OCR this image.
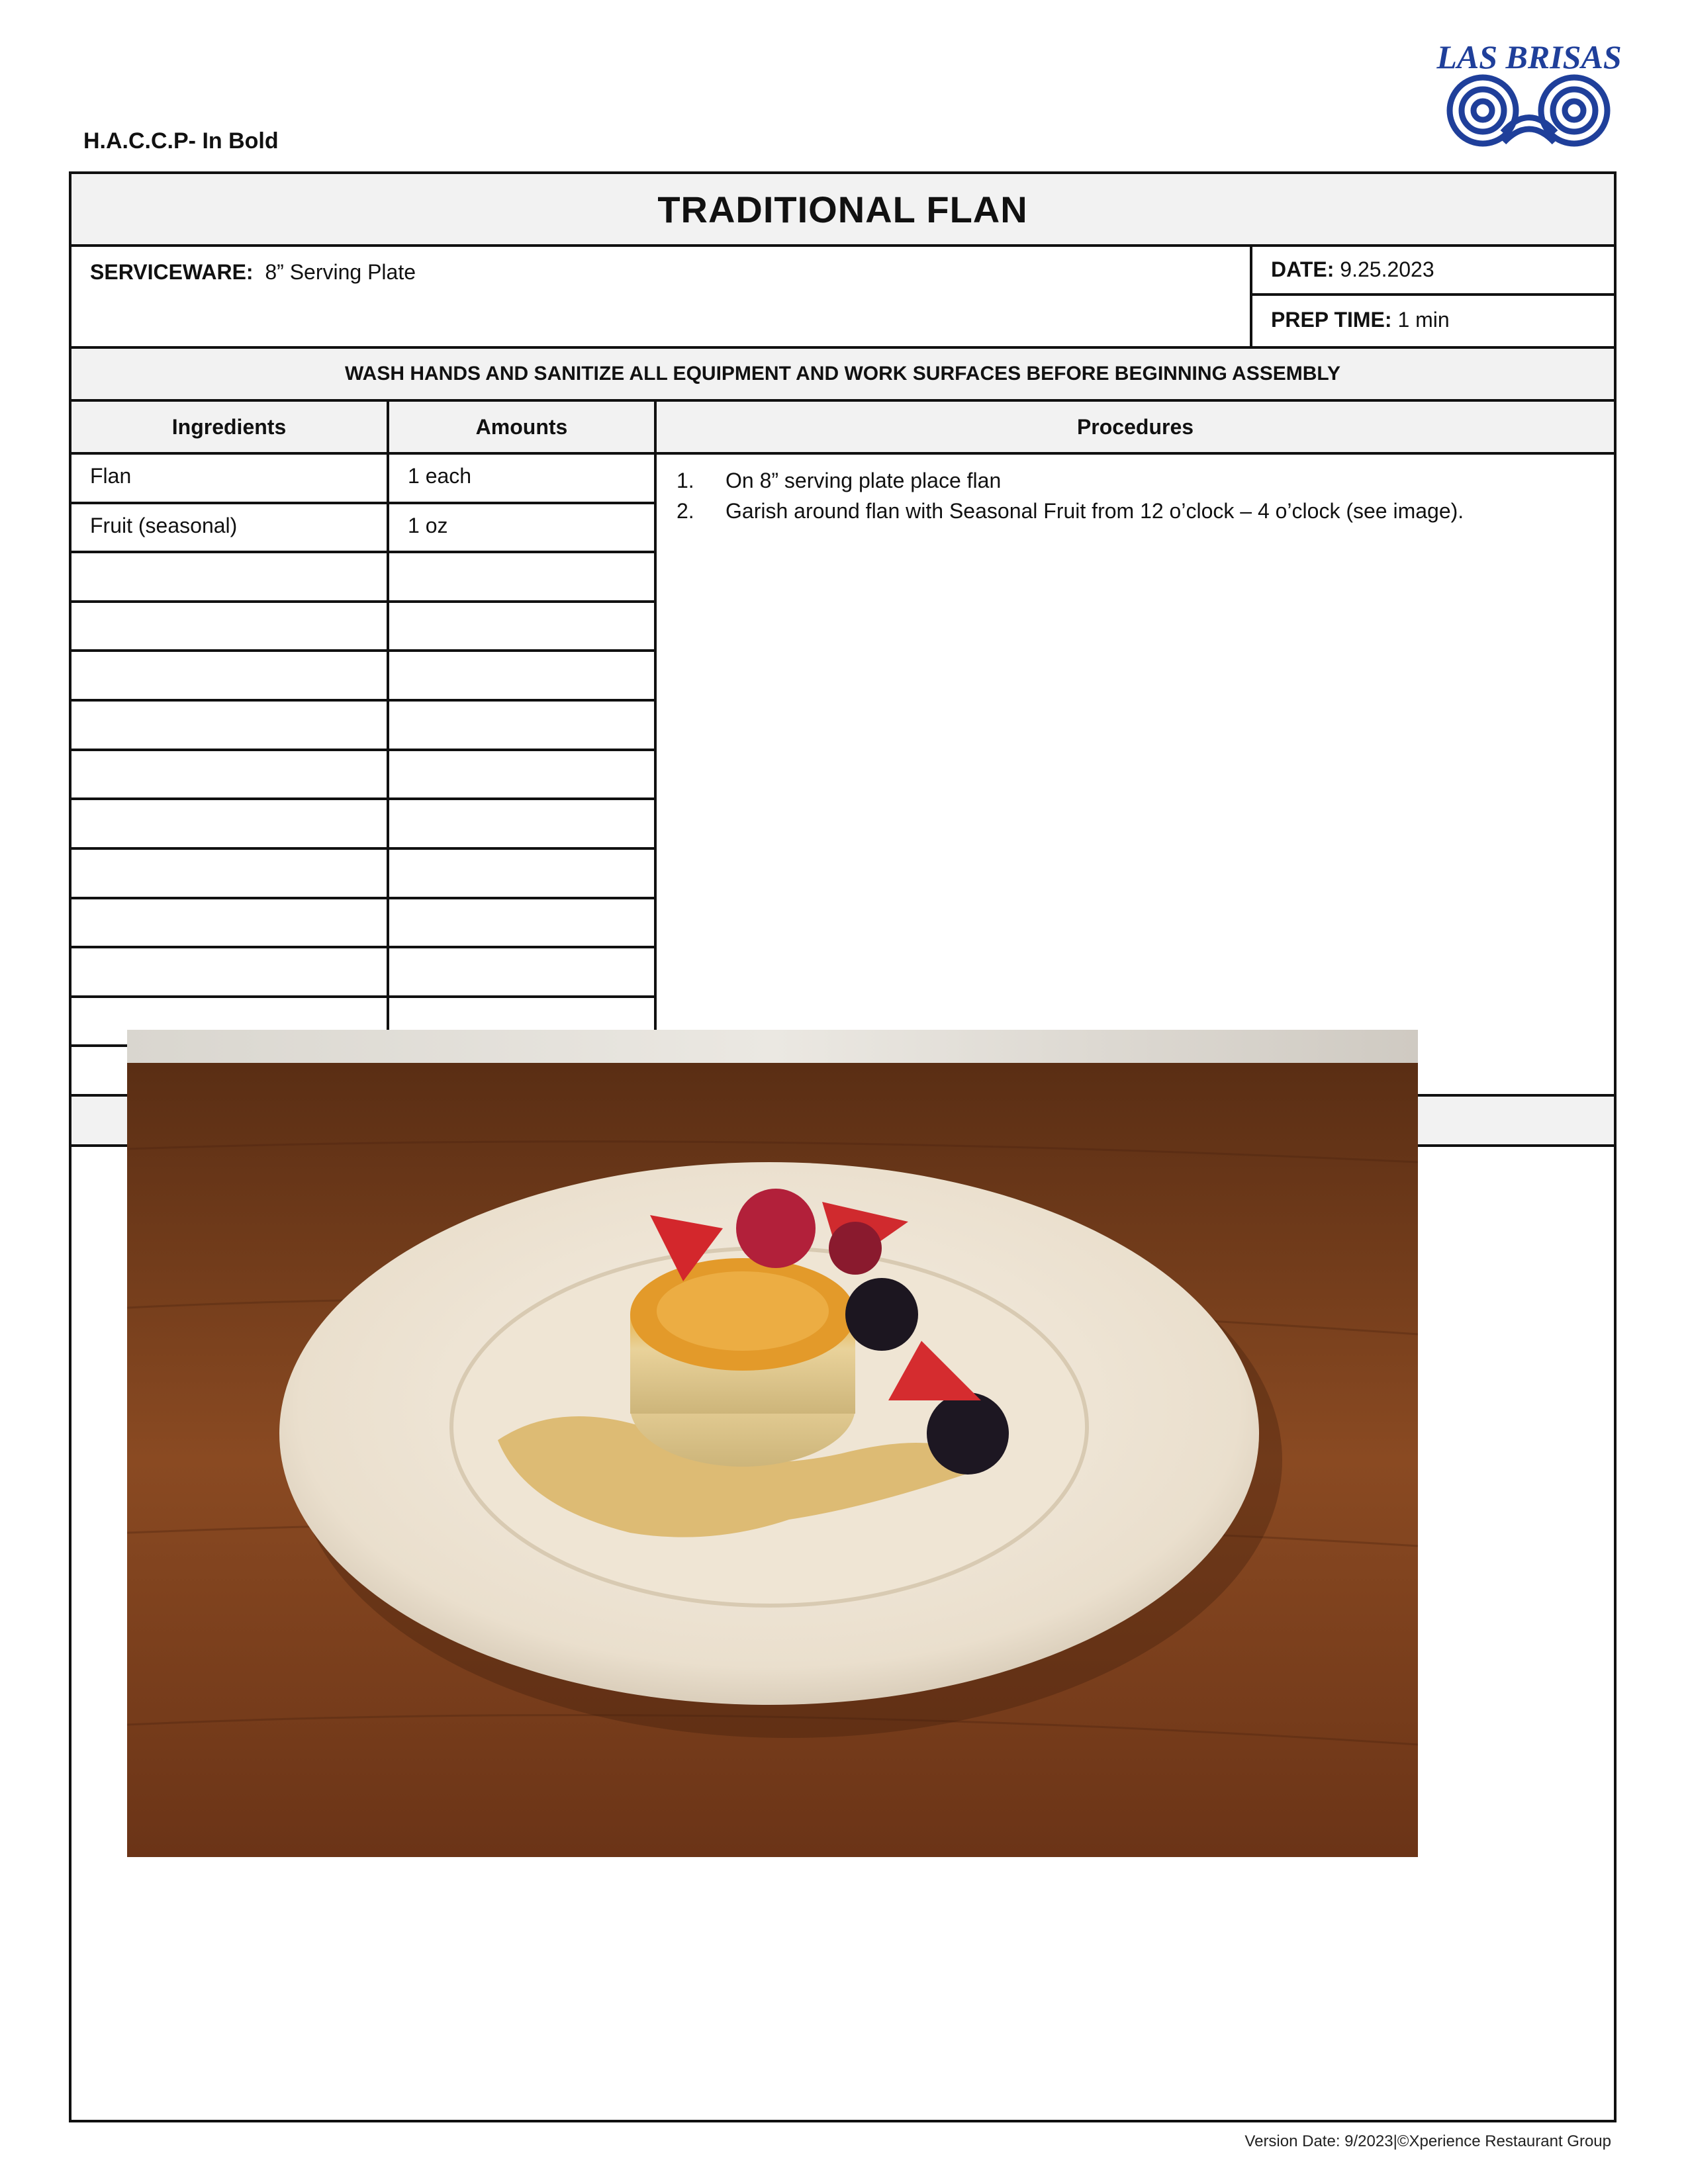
LAS BRISAS
H.A.C.C.P- In Bold
TRADITIONAL FLAN
SERVICEWARE: 8” Serving Plate	DATE: 9.25.2023
PREP TIME: 1 min
WASH HANDS AND SANITIZE ALL EQUIPMENT AND WORK SURFACES BEFORE BEGINNING ASSEMBLY
Ingredients	Amounts	Procedures
Flan	1 each
Fruit (seasonal)	1 oz
1.	On 8” serving plate place flan
2.	Garish around flan with Seasonal Fruit from 12 o’clock – 4 o’clock (see image).
Version Date: 9/2023|©Xperience Restaurant Group
